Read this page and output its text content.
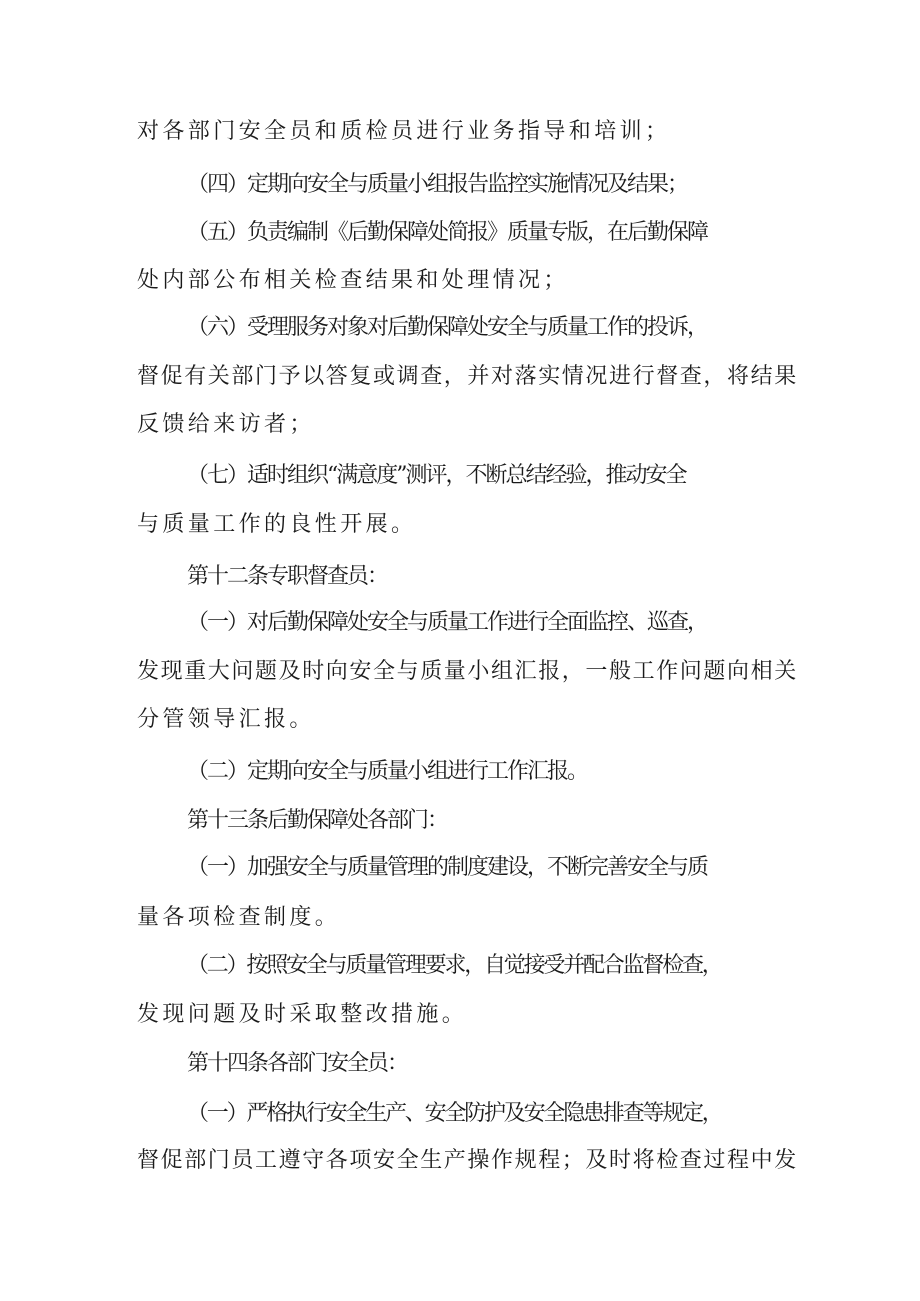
对各部门安全员和质检员进行业务指导和培训；
（四）定期向安全与质量小组报告监控实施情况及结果；
（五）负责编制《后勤保障处简报》质量专版，在后勤保障
处内部公布相关检查结果和处理情况；
（六）受理服务对象对后勤保障处安全与质量工作的投诉，
督促有关部门予以答复或调查，并对落实情况进行督查，将结果
反馈给来访者；
（七）适时组织“满意度”测评，不断总结经验，推动安全
与质量工作的良性开展。
第十二条专职督查员：
（一）对后勤保障处安全与质量工作进行全面监控、巡查，
发现重大问题及时向安全与质量小组汇报，一般工作问题向相关
分管领导汇报。
（二）定期向安全与质量小组进行工作汇报。
第十三条后勤保障处各部门：
（一）加强安全与质量管理的制度建设，不断完善安全与质
量各项检查制度。
（二）按照安全与质量管理要求，自觉接受并配合监督检查，
发现问题及时采取整改措施。
第十四条各部门安全员：
（一）严格执行安全生产、安全防护及安全隐患排查等规定，
督促部门员工遵守各项安全生产操作规程；及时将检查过程中发
